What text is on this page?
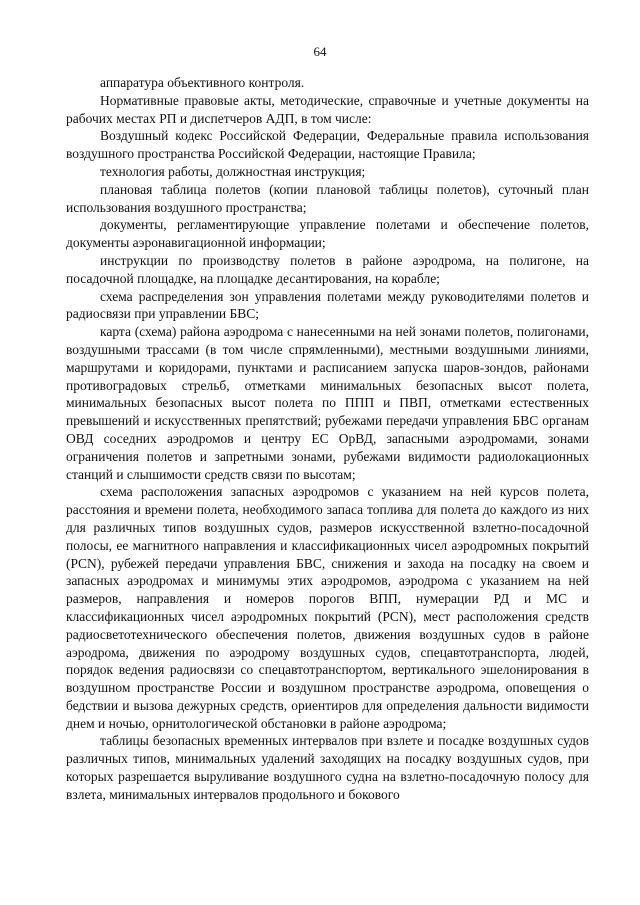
64

аппаратура объективного контроля.

Нормативные правовые акты, методические, справочные и учетные документы на рабочих местах РП и диспетчеров АДП, в том числе:

Воздушный кодекс Российской Федерации, Федеральные правила использования воздушного пространства Российской Федерации, настоящие Правила;

технология работы, должностная инструкция;

плановая таблица полетов (копии плановой таблицы полетов), суточный план использования воздушного пространства;

документы, регламентирующие управление полетами и обеспечение полетов, документы аэронавигационной информации;

инструкции по производству полетов в районе аэродрома, на полигоне, на посадочной площадке, на площадке десантирования, на корабле;

схема распределения зон управления полетами между руководителями полетов и радиосвязи при управлении БВС;

карта (схема) района аэродрома с нанесенными на ней зонами полетов, полигонами, воздушными трассами (в том числе спрямленными), местными воздушными линиями, маршрутами и коридорами, пунктами и расписанием запуска шаров-зондов, районами противоградовых стрельб, отметками минимальных безопасных высот полета, минимальных безопасных высот полета по ППП и ПВП, отметками естественных превышений и искусственных препятствий; рубежами передачи управления БВС органам ОВД соседних аэродромов и центру ЕС ОрВД, запасными аэродромами, зонами ограничения полетов и запретными зонами, рубежами видимости радиолокационных станций и слышимости средств связи по высотам;

схема расположения запасных аэродромов с указанием на ней курсов полета, расстояния и времени полета, необходимого запаса топлива для полета до каждого из них для различных типов воздушных судов, размеров искусственной взлетно-посадочной полосы, ее магнитного направления и классификационных чисел аэродромных покрытий (PCN), рубежей передачи управления БВС, снижения и захода на посадку на своем и запасных аэродромах и минимумы этих аэродромов, аэродрома с указанием на ней размеров, направления и номеров порогов ВПП, нумерации РД и МС и классификационных чисел аэродромных покрытий (PCN), мест расположения средств радиосветотехнического обеспечения полетов, движения воздушных судов в районе аэродрома, движения по аэродрому воздушных судов, спецавтотранспорта, людей, порядок ведения радиосвязи со спецавтотранспортом, вертикального эшелонирования в воздушном пространстве России и воздушном пространстве аэродрома, оповещения о бедствии и вызова дежурных средств, ориентиров для определения дальности видимости днем и ночью, орнитологической обстановки в районе аэродрома;

таблицы безопасных временных интервалов при взлете и посадке воздушных судов различных типов, минимальных удалений заходящих на посадку воздушных судов, при которых разрешается выруливание воздушного судна на взлетно-посадочную полосу для взлета, минимальных интервалов продольного и бокового
